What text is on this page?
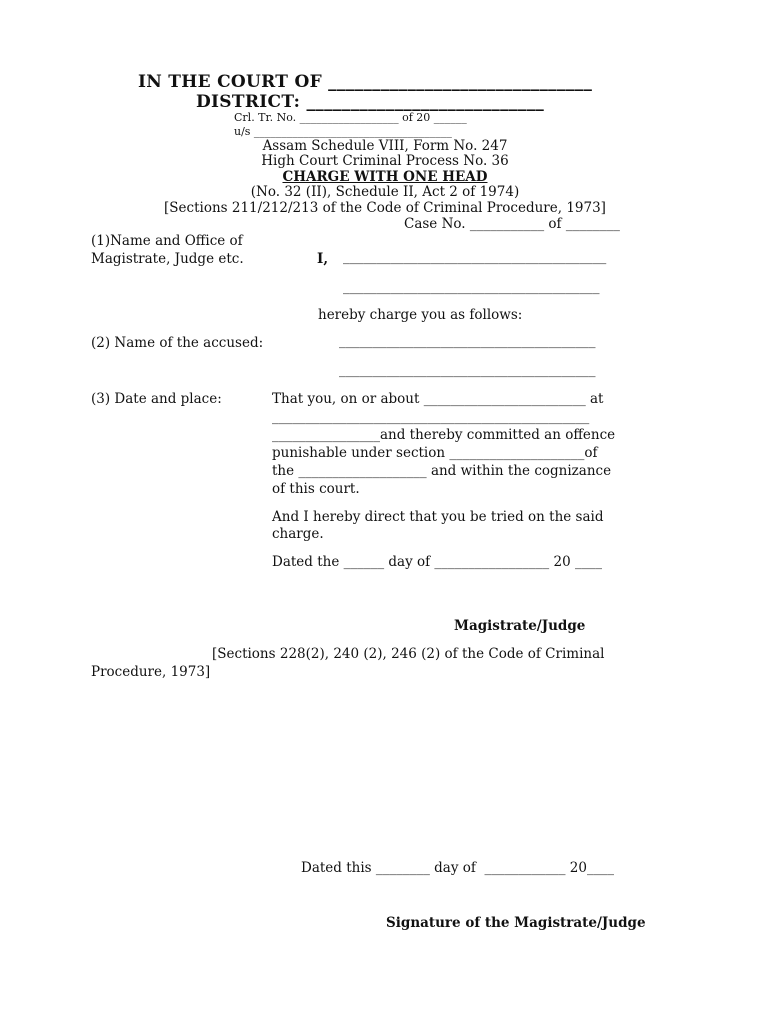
IN THE COURT OF ______________________________
DISTRICT: ___________________________
Crl. Tr. No. __________________ of 20 ______
u/s ____________________________________
Assam Schedule VIII, Form No. 247
High Court Criminal Process No. 36
CHARGE WITH ONE HEAD
(No. 32 (II), Schedule II, Act 2 of 1974)
[Sections 211/212/213 of the Code of Criminal Procedure, 1973]
Case No. ___________ of ________
(1)Name and Office of
Magistrate, Judge etc.	I, _______________________________________
______________________________________
hereby charge you as follows:
(2) Name of the accused:	______________________________________
______________________________________
(3) Date and place:	That you, on or about ________________________ at
_______________________________________________
________________and thereby committed an offence
punishable under section ____________________of
the ___________________ and within the cognizance
of this court.
And I hereby direct that you be tried on the said
charge.
Dated the ______ day of _________________ 20 ____
Magistrate/Judge
[Sections 228(2), 240 (2), 246 (2) of the Code of Criminal
Procedure, 1973]
Dated this ________ day of  ____________ 20____
Signature of the Magistrate/Judge
